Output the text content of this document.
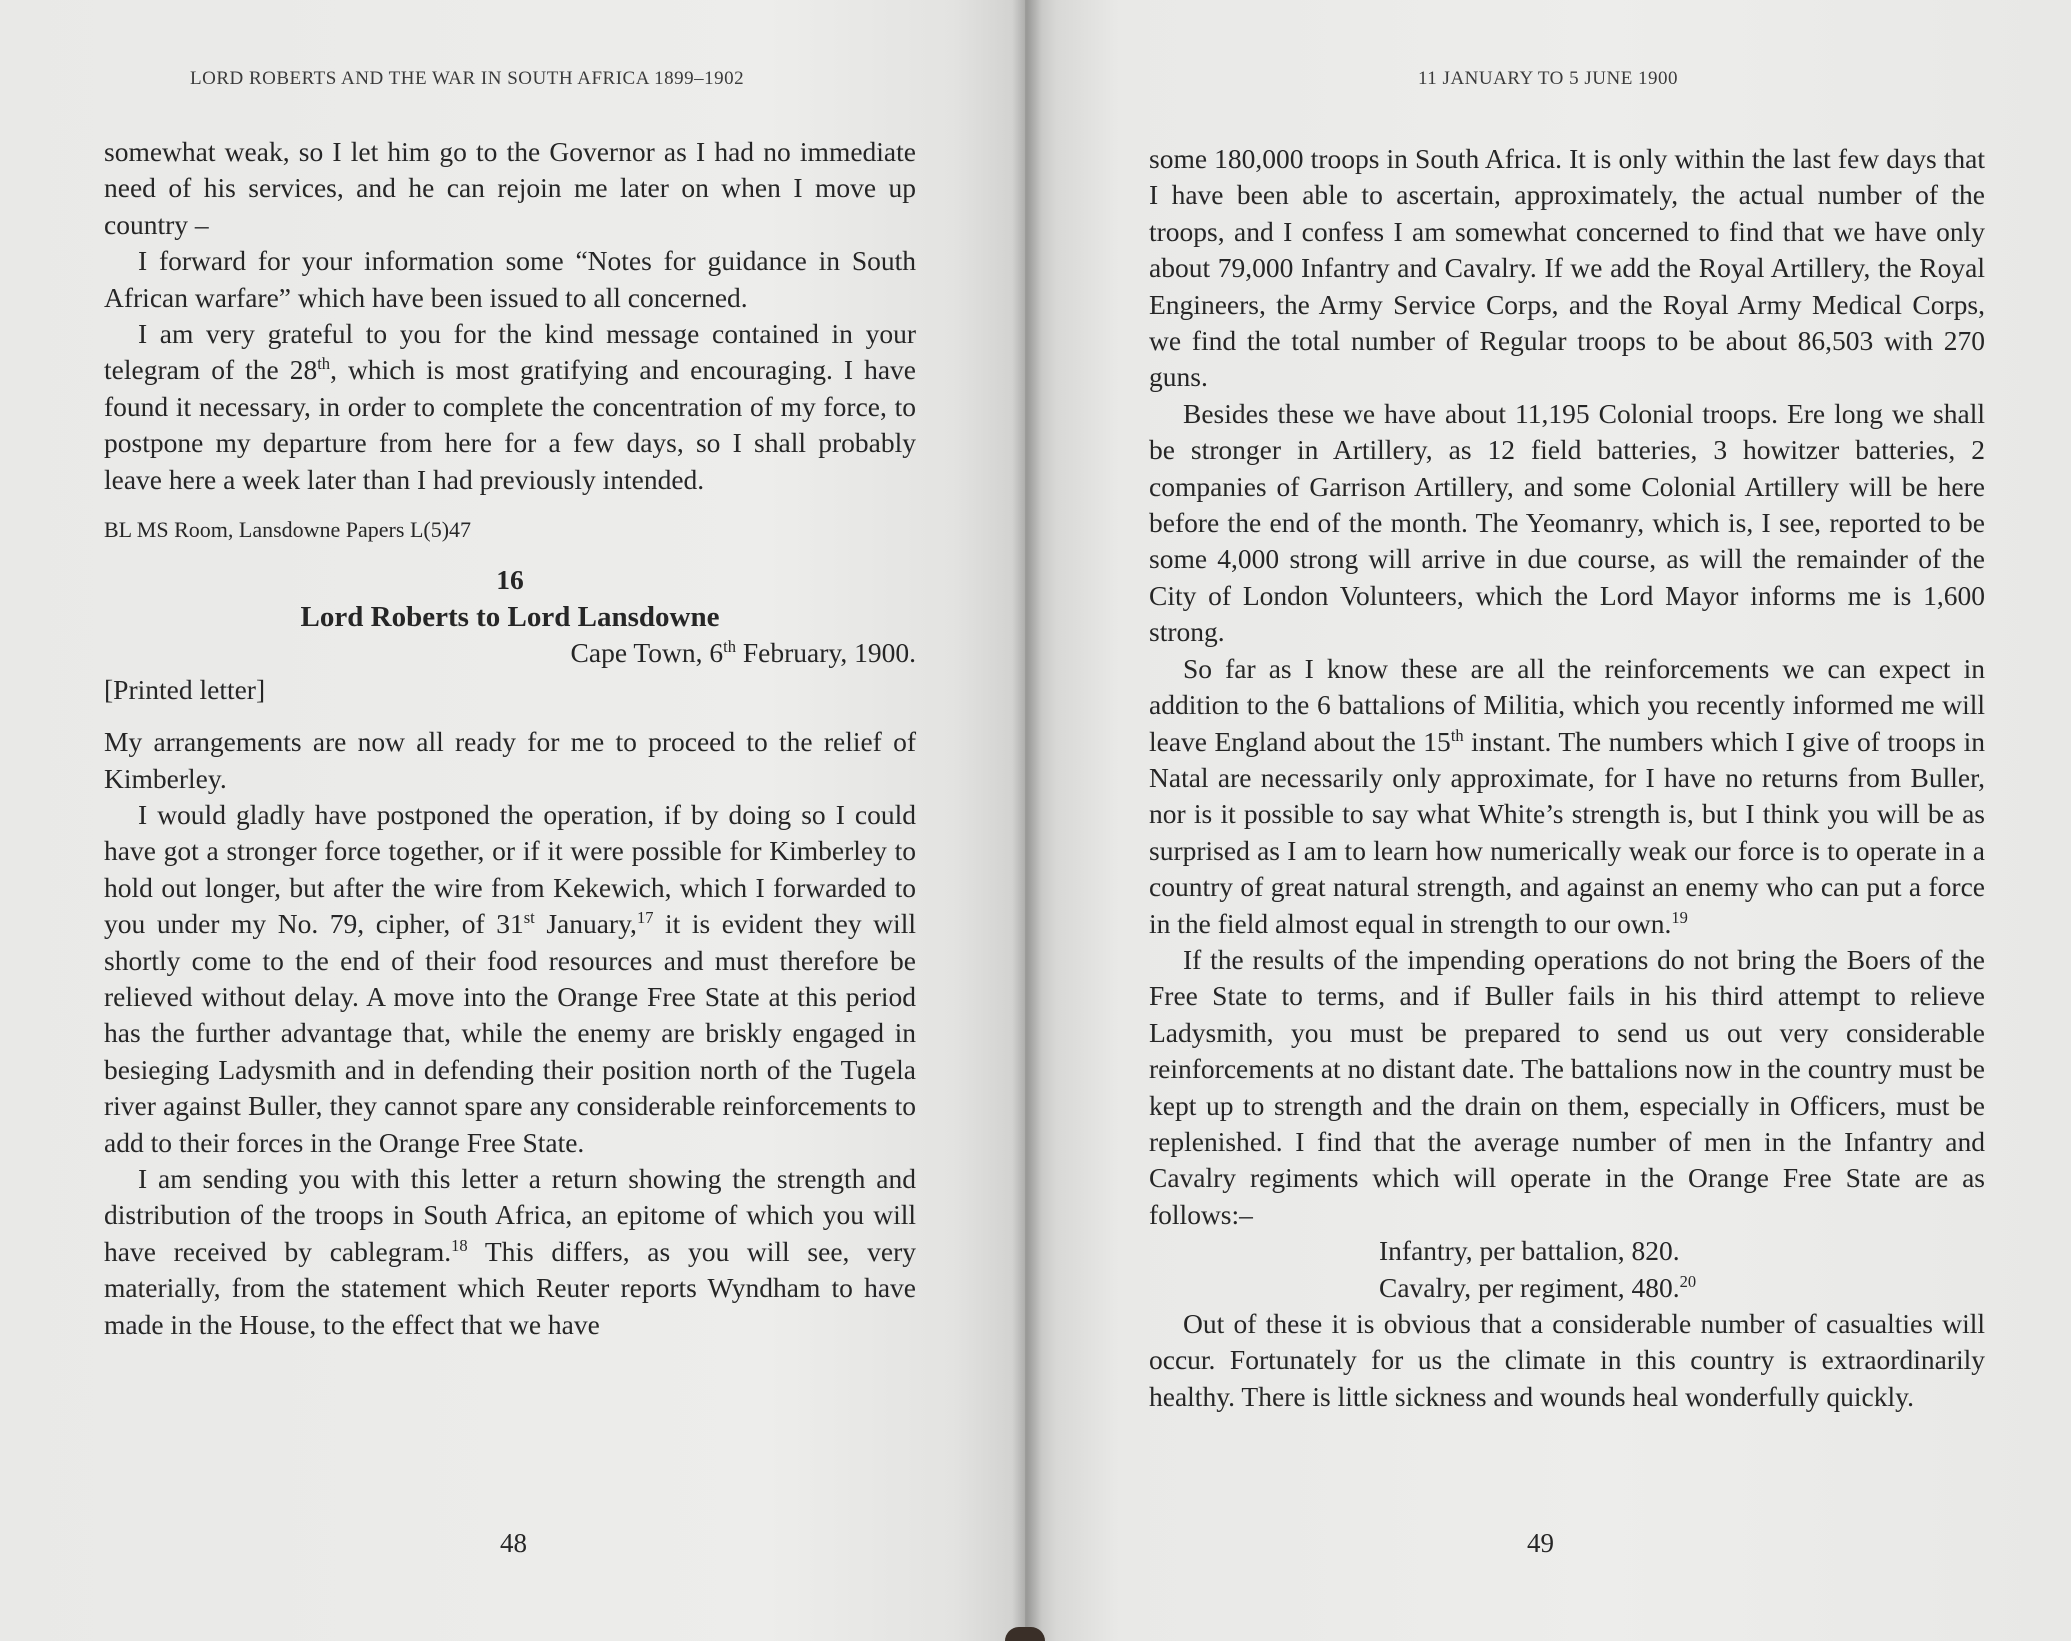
LORD ROBERTS AND THE WAR IN SOUTH AFRICA 1899–1902

somewhat weak, so I let him go to the Governor as I had no immediate need of his services, and he can rejoin me later on when I move up country –

I forward for your information some “Notes for guidance in South African warfare” which have been issued to all concerned.

I am very grateful to you for the kind message contained in your telegram of the 28th, which is most gratifying and encouraging. I have found it necessary, in order to complete the concentration of my force, to postpone my departure from here for a few days, so I shall probably leave here a week later than I had previously intended.

BL MS Room, Lansdowne Papers L(5)47

16
Lord Roberts to Lord Lansdowne
Cape Town, 6th February, 1900.
[Printed letter]

My arrangements are now all ready for me to proceed to the relief of Kimberley.

I would gladly have postponed the operation, if by doing so I could have got a stronger force together, or if it were possible for Kimberley to hold out longer, but after the wire from Kekewich, which I forwarded to you under my No. 79, cipher, of 31st January,$^{17}$ it is evident they will shortly come to the end of their food resources and must therefore be relieved without delay. A move into the Orange Free State at this period has the further advantage that, while the enemy are briskly engaged in besieging Ladysmith and in defending their position north of the Tugela river against Buller, they cannot spare any considerable reinforcements to add to their forces in the Orange Free State.

I am sending you with this letter a return showing the strength and distribution of the troops in South Africa, an epitome of which you will have received by cablegram.$^{18}$ This differs, as you will see, very materially, from the statement which Reuter reports Wyndham to have made in the House, to the effect that we have

48
11 JANUARY TO 5 JUNE 1900

some 180,000 troops in South Africa. It is only within the last few days that I have been able to ascertain, approximately, the actual number of the troops, and I confess I am somewhat concerned to find that we have only about 79,000 Infantry and Cavalry. If we add the Royal Artillery, the Royal Engineers, the Army Service Corps, and the Royal Army Medical Corps, we find the total number of Regular troops to be about 86,503 with 270 guns.

Besides these we have about 11,195 Colonial troops. Ere long we shall be stronger in Artillery, as 12 field batteries, 3 howitzer batteries, 2 companies of Garrison Artillery, and some Colonial Artillery will be here before the end of the month. The Yeomanry, which is, I see, reported to be some 4,000 strong will arrive in due course, as will the remainder of the City of London Volunteers, which the Lord Mayor informs me is 1,600 strong.

So far as I know these are all the reinforcements we can expect in addition to the 6 battalions of Militia, which you recently informed me will leave England about the 15th instant. The numbers which I give of troops in Natal are necessarily only approximate, for I have no returns from Buller, nor is it possible to say what White’s strength is, but I think you will be as surprised as I am to learn how numerically weak our force is to operate in a country of great natural strength, and against an enemy who can put a force in the field almost equal in strength to our own.$^{19}$

If the results of the impending operations do not bring the Boers of the Free State to terms, and if Buller fails in his third attempt to relieve Ladysmith, you must be prepared to send us out very considerable reinforcements at no distant date. The battalions now in the country must be kept up to strength and the drain on them, especially in Officers, must be replenished. I find that the average number of men in the Infantry and Cavalry regiments which will operate in the Orange Free State are as follows:–

Infantry, per battalion, 820.
Cavalry, per regiment, 480.20

Out of these it is obvious that a considerable number of casualties will occur. Fortunately for us the climate in this country is extraordinarily healthy. There is little sickness and wounds heal wonderfully quickly.

49
